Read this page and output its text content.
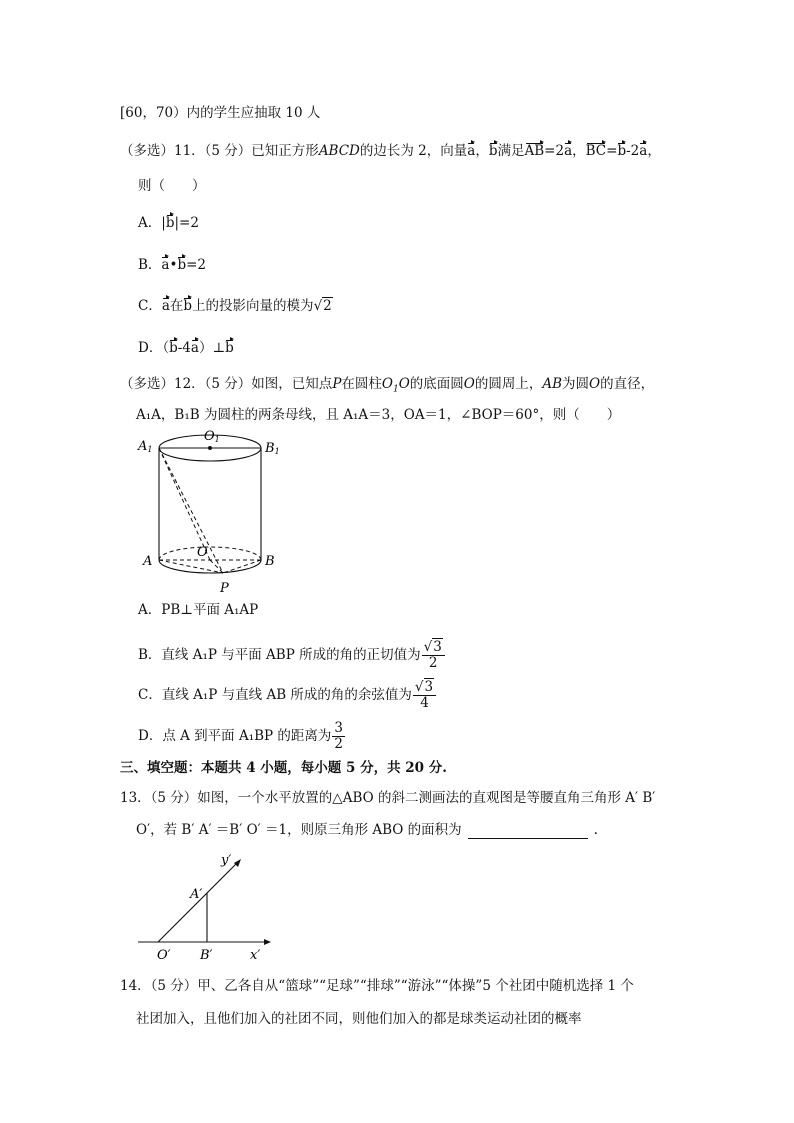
[60，70）内的学生应抽取 10 人
（多选）11．（5 分）已知正方形ABCD的边长为 2，向量a，b满足AB=2a，BC=b-2a，
则（　　）
A．|b|=2
B．a•b=2
C．a在b上的投影向量的模为√2
D．（b-4a）⊥b
（多选）12．（5 分）如图，已知点P在圆柱$O_1O$的底面圆O的圆周上，AB为圆O的直径，
A₁A，B₁B 为圆柱的两条母线，且 A₁A＝3，OA＝1，∠BOP＝60°，则（　　）
A1
O1
B1
A
O
B
P
A．PB⊥平面 A₁AP
B．直线 A₁P 与平面 ABP 所成的角的正切值为 $\frac{√3}{2}$
C．直线 A₁P 与直线 AB 所成的角的余弦值为 $\frac{√3}{4}$
D．点 A 到平面 A₁BP 的距离为 $\frac{3}{2}$
三、填空题：本题共 4 小题，每小题 5 分，共 20 分.
13．（5 分）如图，一个水平放置的△ABO 的斜二测画法的直观图是等腰直角三角形 A′ B′
O′，若 B′ A′ ＝B′ O′ ＝1，则原三角形 ABO 的面积为	.
y′
A′
O′ B′	x′
14．（5 分）甲、乙各自从“篮球”“足球”“排球”“游泳”“体操”5 个社团中随机选择 1 个
社团加入，且他们加入的社团不同，则他们加入的都是球类运动社团的概率
